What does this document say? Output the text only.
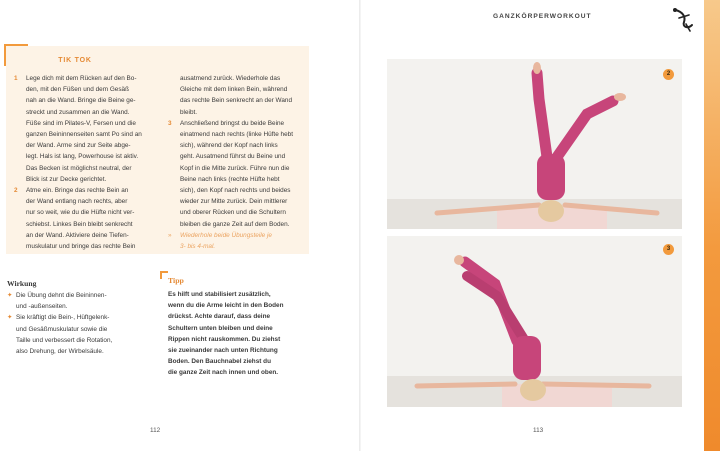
TIK TOK
1 Lege dich mit dem Rücken auf den Bo-
den, mit den Füßen und dem Gesäß
nah an die Wand. Bringe die Beine ge-
streckt und zusammen an die Wand.
Füße sind im Pilates-V, Fersen und die
ganzen Beininnenseiten samt Po sind an
der Wand. Arme sind zur Seite abge-
legt. Hals ist lang, Powerhouse ist aktiv.
Das Becken ist möglichst neutral, der
Blick ist zur Decke gerichtet.
2 Atme ein. Bringe das rechte Bein an
der Wand entlang nach rechts, aber
nur so weit, wie du die Hüfte nicht ver-
schiebst. Linkes Bein bleibt senkrecht
an der Wand. Aktiviere deine Tiefen-
muskulatur und bringe das rechte Bein
ausatmend zurück. Wiederhole das
Gleiche mit dem linken Bein, während
das rechte Bein senkrecht an der Wand
bleibt.
3 Anschließend bringst du beide Beine
einatmend nach rechts (linke Hüfte hebt
sich), während der Kopf nach links
geht. Ausatmend führst du Beine und
Kopf in die Mitte zurück. Führe nun die
Beine nach links (rechte Hüfte hebt
sich), den Kopf nach rechts und beides
wieder zur Mitte zurück. Dein mittlerer
und oberer Rücken und die Schultern
bleiben die ganze Zeit auf dem Boden.
» Wiederhole beide Übungsteile je
3- bis 4-mal.
Wirkung
✦ Die Übung dehnt die Beininnen-
und -außenseiten.
✦ Sie kräftigt die Bein-, Hüftgelenk-
und Gesäßmuskulatur sowie die
Taille und verbessert die Rotation,
also Drehung, der Wirbelsäule.
Tipp
Es hilft und stabilisiert zusätzlich,
wenn du die Arme leicht in den Boden
drückst. Achte darauf, dass deine
Schultern unten bleiben und deine
Rippen nicht rauskommen. Du ziehst
sie zueinander nach unten Richtung
Boden. Den Bauchnabel ziehst du
die ganze Zeit nach innen und oben.
112
GANZKÖRPERWORKOUT
2
3
113
